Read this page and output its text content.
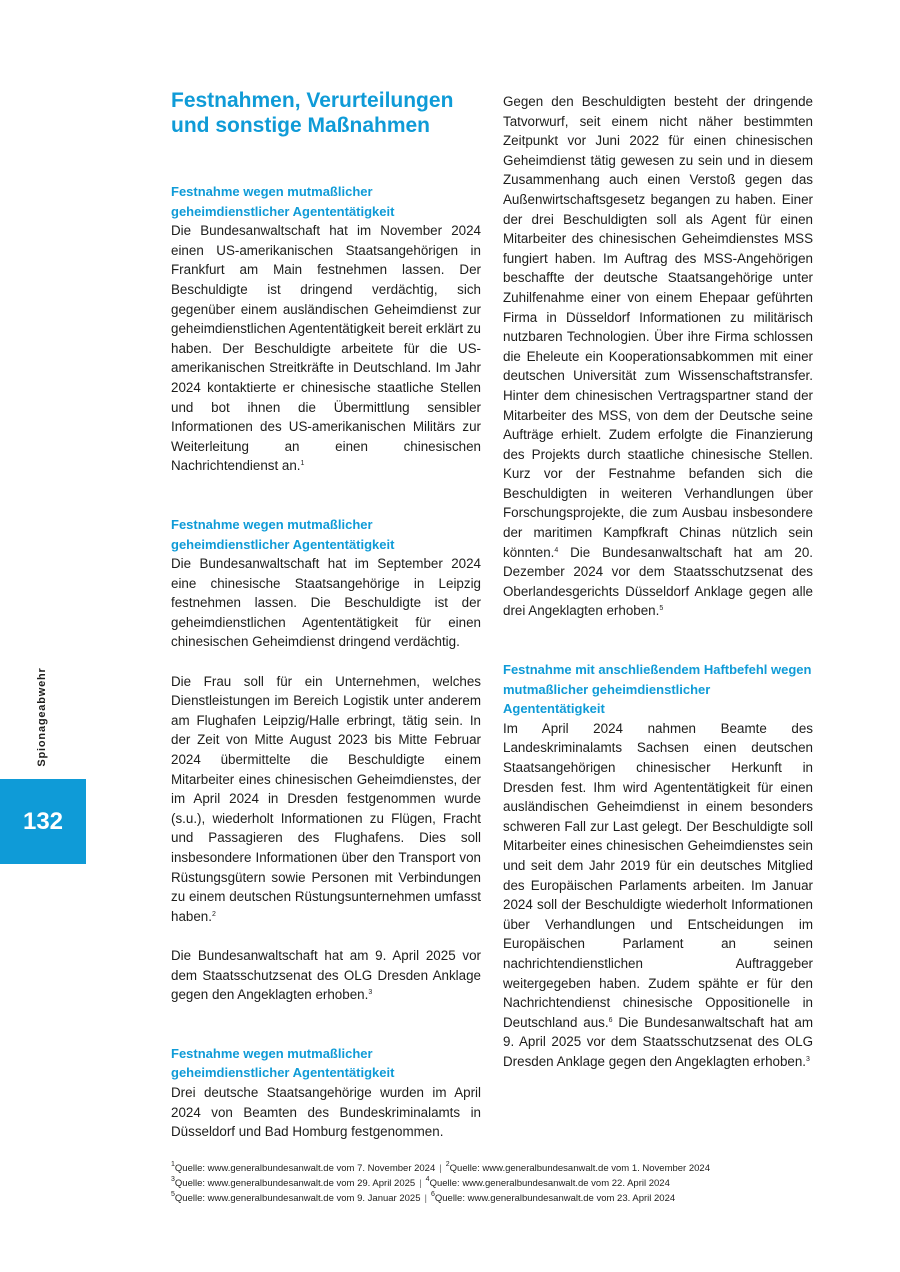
Spionageabwehr
132
Festnahmen, Verurteilungen und sonstige Maßnahmen
Festnahme wegen mutmaßlicher geheimdienstlicher Agententätigkeit

Die Bundesanwaltschaft hat im November 2024 einen US-amerikanischen Staatsangehörigen in Frankfurt am Main festnehmen lassen. Der Beschuldigte ist dringend verdächtig, sich gegenüber einem ausländischen Geheimdienst zur geheimdienstlichen Agententätigkeit bereit erklärt zu haben. Der Beschuldigte arbeitete für die US-amerikanischen Streitkräfte in Deutschland. Im Jahr 2024 kontaktierte er chinesische staatliche Stellen und bot ihnen die Übermittlung sensibler Informationen des US-amerikanischen Militärs zur Weiterleitung an einen chinesischen Nachrichtendienst an.$^1$

Festnahme wegen mutmaßlicher geheimdienstlicher Agententätigkeit

Die Bundesanwaltschaft hat im September 2024 eine chinesische Staatsangehörige in Leipzig festnehmen lassen. Die Beschuldigte ist der geheimdienstlichen Agententätigkeit für einen chinesischen Geheimdienst dringend verdächtig.

Die Frau soll für ein Unternehmen, welches Dienstleistungen im Bereich Logistik unter anderem am Flughafen Leipzig/Halle erbringt, tätig sein. In der Zeit von Mitte August 2023 bis Mitte Februar 2024 übermittelte die Beschuldigte einem Mitarbeiter eines chinesischen Geheimdienstes, der im April 2024 in Dresden festgenommen wurde (s.u.), wiederholt Informationen zu Flügen, Fracht und Passagieren des Flughafens. Dies soll insbesondere Informationen über den Transport von Rüstungsgütern sowie Personen mit Verbindungen zu einem deutschen Rüstungsunternehmen umfasst haben.$^2$

Die Bundesanwaltschaft hat am 9. April 2025 vor dem Staatsschutzsenat des OLG Dresden Anklage gegen den Angeklagten erhoben.$^3$

Festnahme wegen mutmaßlicher geheimdienstlicher Agententätigkeit

Drei deutsche Staatsangehörige wurden im April 2024 von Beamten des Bundeskriminalamts in Düsseldorf und Bad Homburg festgenommen.

Gegen den Beschuldigten besteht der dringende Tatvorwurf, seit einem nicht näher bestimmten Zeitpunkt vor Juni 2022 für einen chinesischen Geheimdienst tätig gewesen zu sein und in diesem Zusammenhang auch einen Verstoß gegen das Außenwirtschaftsgesetz begangen zu haben. Einer der drei Beschuldigten soll als Agent für einen Mitarbeiter des chinesischen Geheimdienstes MSS fungiert haben. Im Auftrag des MSS-Angehörigen beschaffte der deutsche Staatsangehörige unter Zuhilfenahme einer von einem Ehepaar geführten Firma in Düsseldorf Informationen zu militärisch nutzbaren Technologien. Über ihre Firma schlossen die Eheleute ein Kooperationsabkommen mit einer deutschen Universität zum Wissenschaftstransfer. Hinter dem chinesischen Vertragspartner stand der Mitarbeiter des MSS, von dem der Deutsche seine Aufträge erhielt. Zudem erfolgte die Finanzierung des Projekts durch staatliche chinesische Stellen. Kurz vor der Festnahme befanden sich die Beschuldigten in weiteren Verhandlungen über Forschungsprojekte, die zum Ausbau insbesondere der maritimen Kampfkraft Chinas nützlich sein könnten.$^4$ Die Bundesanwaltschaft hat am 20. Dezember 2024 vor dem Staatsschutzsenat des Oberlandesgerichts Düsseldorf Anklage gegen alle drei Angeklagten erhoben.$^5$

Festnahme mit anschließendem Haftbefehl wegen mutmaßlicher geheimdienstlicher Agententätigkeit

Im April 2024 nahmen Beamte des Landeskriminalamts Sachsen einen deutschen Staatsangehörigen chinesischer Herkunft in Dresden fest. Ihm wird Agententätigkeit für einen ausländischen Geheimdienst in einem besonders schweren Fall zur Last gelegt. Der Beschuldigte soll Mitarbeiter eines chinesischen Geheimdienstes sein und seit dem Jahr 2019 für ein deutsches Mitglied des Europäischen Parlaments arbeiten. Im Januar 2024 soll der Beschuldigte wiederholt Informationen über Verhandlungen und Entscheidungen im Europäischen Parlament an seinen nachrichtendienstlichen Auftraggeber weitergegeben haben. Zudem spähte er für den Nachrichtendienst chinesische Oppositionelle in Deutschland aus.$^6$ Die Bundesanwaltschaft hat am 9. April 2025 vor dem Staatsschutzsenat des OLG Dresden Anklage gegen den Angeklagten erhoben.$^3$

$^1$Quelle: www.generalbundesanwalt.de vom 7. November 2024 | $^2$Quelle: www.generalbundesanwalt.de vom 1. November 2024
$^3$Quelle: www.generalbundesanwalt.de vom 29. April 2025 | $^4$Quelle: www.generalbundesanwalt.de vom 22. April 2024
$^5$Quelle: www.generalbundesanwalt.de vom 9. Januar 2025 | $^6$Quelle: www.generalbundesanwalt.de vom 23. April 2024
